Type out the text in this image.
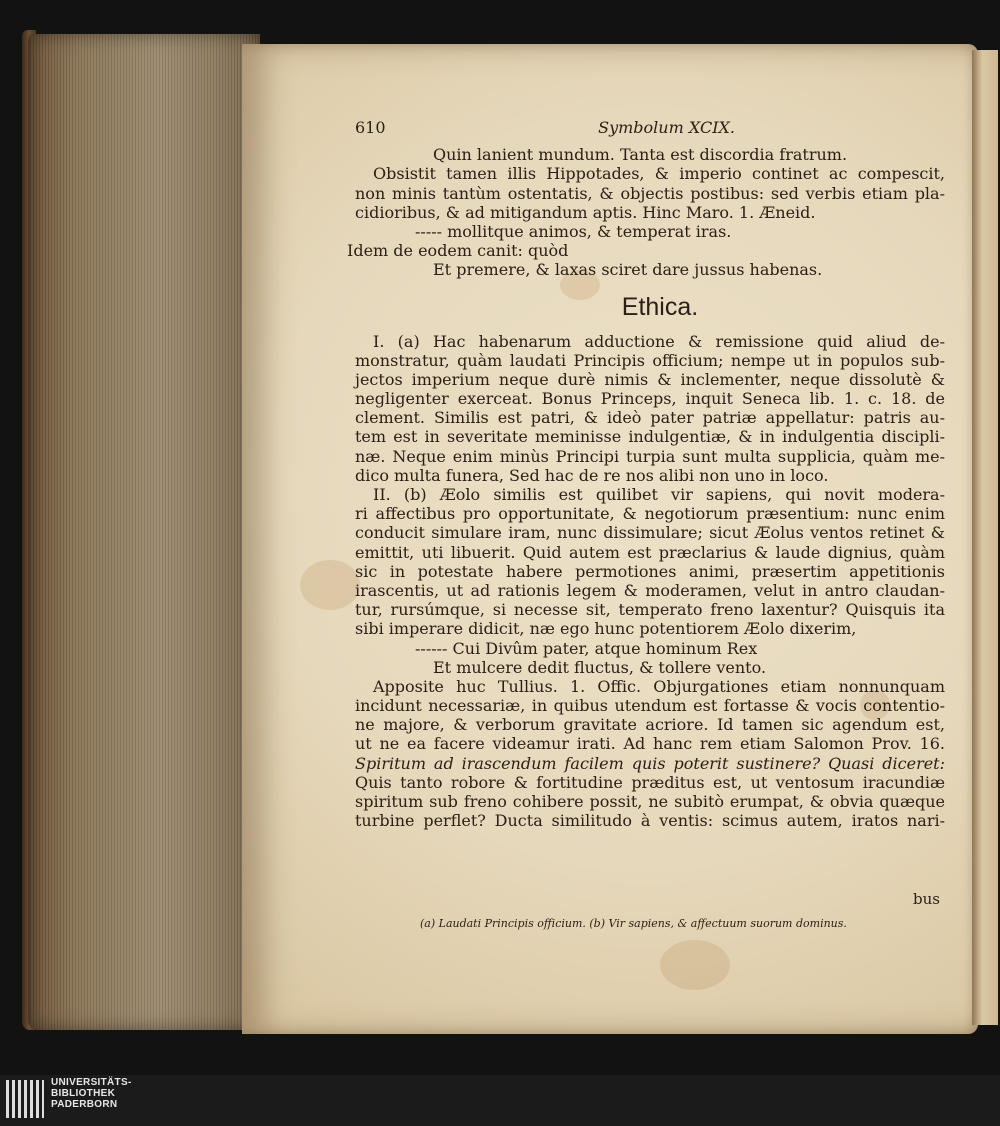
610	Symbolum XCIX.
Quin lanient mundum. Tanta est discordia fratrum.
Obsistit tamen illis Hippotades, & imperio continet ac compescit,
non minis tantùm ostentatis, & objectis postibus: sed verbis etiam pla-
cidioribus, & ad mitigandum aptis. Hinc Maro. 1. Æneid.
----- mollitque animos, & temperat iras.
Idem de eodem canit: quòd
Et premere, & laxas sciret dare jussus habenas.
Ethica.
I. (a) Hac habenarum adductione & remissione quid aliud de-
monstratur, quàm laudati Principis officium; nempe ut in populos sub-
jectos imperium neque durè nimis & inclementer, neque dissolutè &
negligenter exerceat. Bonus Princeps, inquit Seneca lib. 1. c. 18. de
clement. Similis est patri, & ideò pater patriæ appellatur: patris au-
tem est in severitate meminisse indulgentiæ, & in indulgentia discipli-
næ. Neque enim minùs Principi turpia sunt multa supplicia, quàm me-
dico multa funera, Sed hac de re nos alibi non uno in loco.
II. (b) Æolo similis est quilibet vir sapiens, qui novit modera-
ri affectibus pro opportunitate, & negotiorum præsentium: nunc enim
conducit simulare iram, nunc dissimulare; sicut Æolus ventos retinet &
emittit, uti libuerit. Quid autem est præclarius & laude dignius, quàm
sic in potestate habere permotiones animi, præsertim appetitionis
irascentis, ut ad rationis legem & moderamen, velut in antro claudan-
tur, rursúmque, si necesse sit, temperato freno laxentur? Quisquis ita
sibi imperare didicit, næ ego hunc potentiorem Æolo dixerim,
------ Cui Divûm pater, atque hominum Rex
Et mulcere dedit fluctus, & tollere vento.
Apposite huc Tullius. 1. Offic. Objurgationes etiam nonnunquam
incidunt necessariæ, in quibus utendum est fortasse & vocis contentio-
ne majore, & verborum gravitate acriore. Id tamen sic agendum est,
ut ne ea facere videamur irati. Ad hanc rem etiam Salomon Prov. 16.
Spiritum ad irascendum facilem quis poterit sustinere? Quasi diceret:
Quis tanto robore & fortitudine præditus est, ut ventosum iracundiæ
spiritum sub freno cohibere possit, ne subitò erumpat, & obvia quæque
turbine perflet? Ducta similitudo à ventis: scimus autem, iratos nari-
bus
(a) Laudati Principis officium. (b) Vir sapiens, & affectuum suorum dominus.
UNIVERSITÄTS-
BIBLIOTHEK
PADERBORN
